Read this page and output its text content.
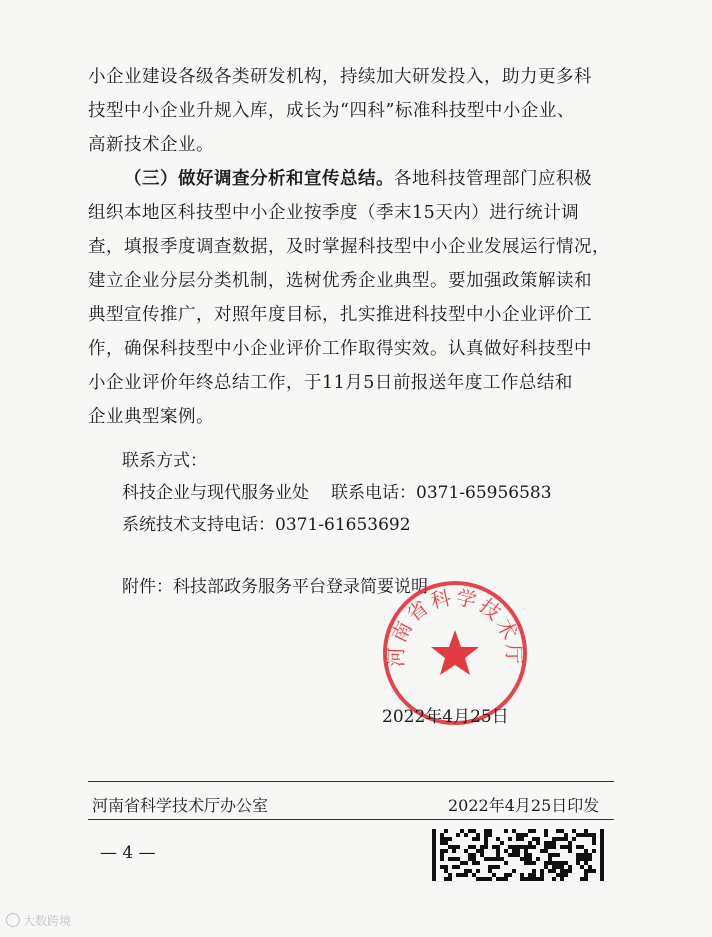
小企业建设各级各类研发机构，持续加大研发投入，助力更多科
技型中小企业升规入库，成长为“四科”标准科技型中小企业、
高新技术企业。
（三）做好调查分析和宣传总结。各地科技管理部门应积极
组织本地区科技型中小企业按季度（季末15天内）进行统计调
查，填报季度调查数据，及时掌握科技型中小企业发展运行情况，
建立企业分层分类机制，选树优秀企业典型。要加强政策解读和
典型宣传推广，对照年度目标，扎实推进科技型中小企业评价工
作，确保科技型中小企业评价工作取得实效。认真做好科技型中
小企业评价年终总结工作，于11月5日前报送年度工作总结和
企业典型案例。
联系方式：
科技企业与现代服务业处 联系电话：0371-65956583
系统技术支持电话：0371-61653692
附件：科技部政务服务平台登录简要说明
河南省科学技术厅
2022年4月25日
河南省科学技术厅办公室	2022年4月25日印发
— 4 —
大数跨境
